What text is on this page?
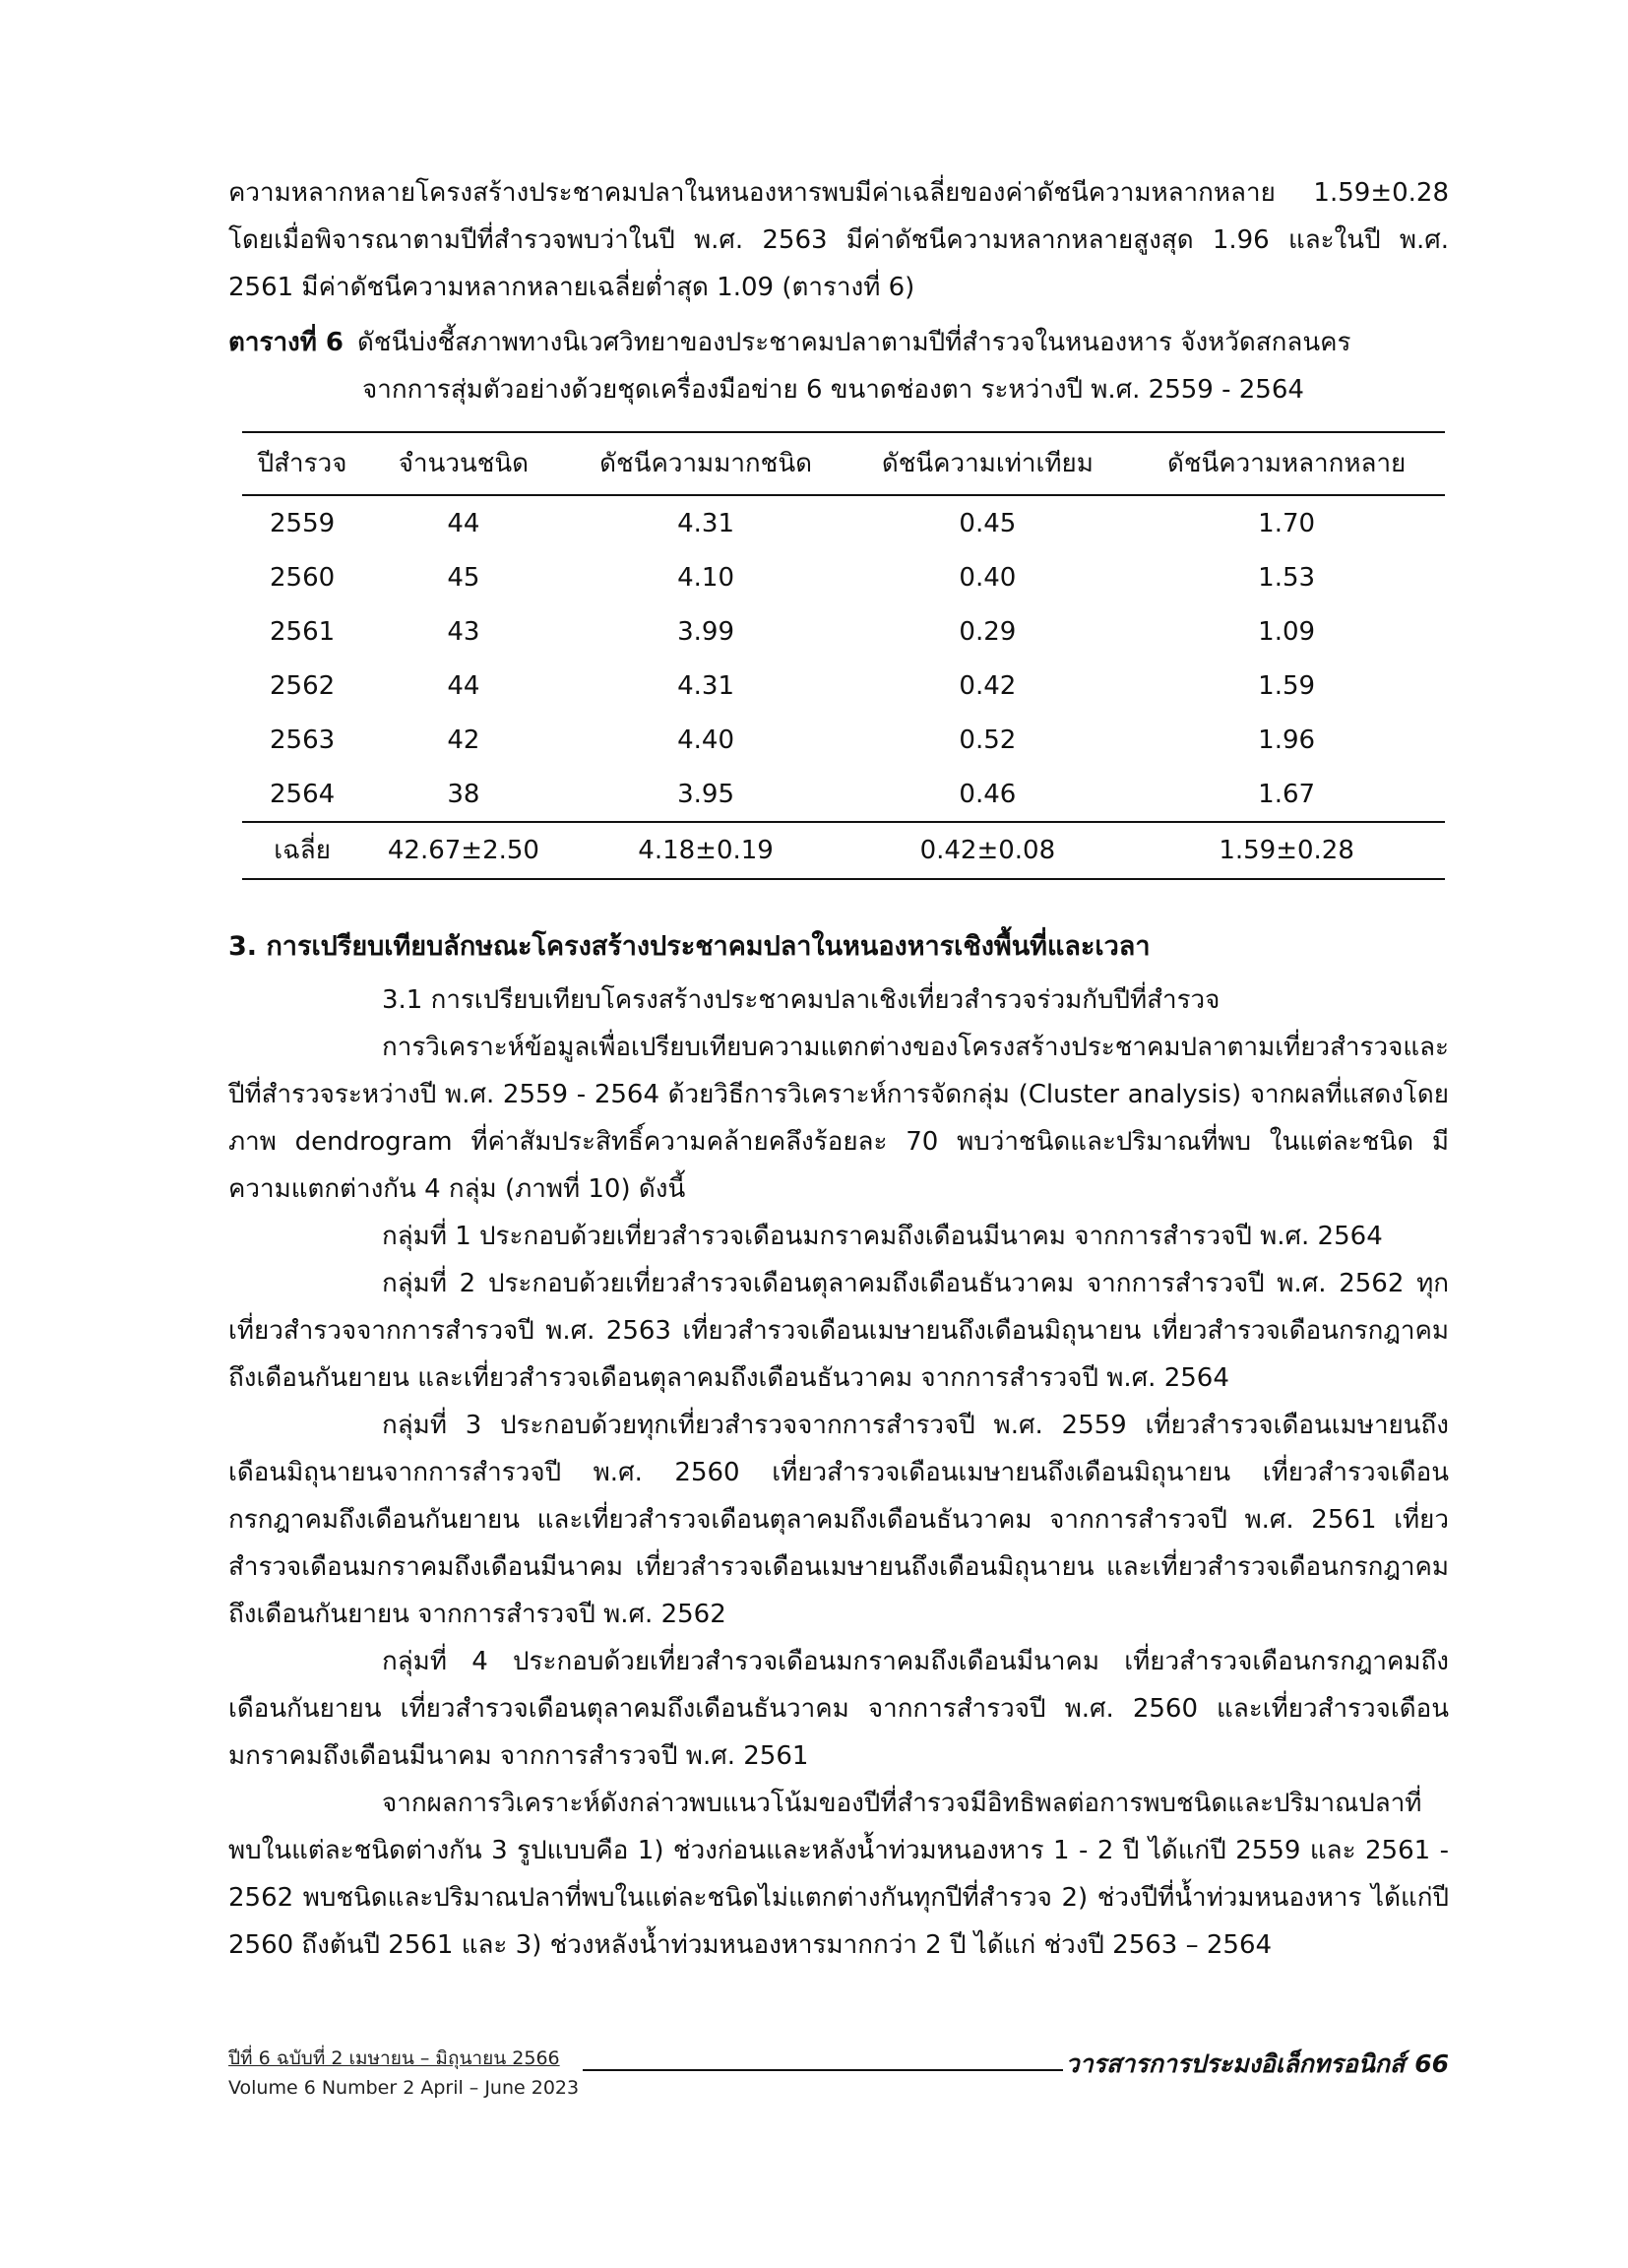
ความหลากหลายโครงสร้างประชาคมปลาในหนองหารพบมีค่าเฉลี่ยของค่าดัชนีความหลากหลาย 1.59±0.28 โดยเมื่อพิจารณาตามปีที่สำรวจพบว่าในปี พ.ศ. 2563 มีค่าดัชนีความหลากหลายสูงสุด 1.96 และในปี พ.ศ. 2561 มีค่าดัชนีความหลากหลายเฉลี่ยต่ำสุด 1.09 (ตารางที่ 6)

ตารางที่ 6 ดัชนีบ่งชี้สภาพทางนิเวศวิทยาของประชาคมปลาตามปีที่สำรวจในหนองหาร จังหวัดสกลนคร
จากการสุ่มตัวอย่างด้วยชุดเครื่องมือข่าย 6 ขนาดช่องตา ระหว่างปี พ.ศ. 2559 - 2564
ปีสำรวจ	จำนวนชนิด	ดัชนีความมากชนิด	ดัชนีความเท่าเทียม	ดัชนีความหลากหลาย
2559	44	4.31	0.45	1.70
2560	45	4.10	0.40	1.53
2561	43	3.99	0.29	1.09
2562	44	4.31	0.42	1.59
2563	42	4.40	0.52	1.96
2564	38	3.95	0.46	1.67
เฉลี่ย	42.67±2.50	4.18±0.19	0.42±0.08	1.59±0.28
3. การเปรียบเทียบลักษณะโครงสร้างประชาคมปลาในหนองหารเชิงพื้นที่และเวลา

3.1 การเปรียบเทียบโครงสร้างประชาคมปลาเชิงเที่ยวสำรวจร่วมกับปีที่สำรวจ

การวิเคราะห์ข้อมูลเพื่อเปรียบเทียบความแตกต่างของโครงสร้างประชาคมปลาตามเที่ยวสำรวจและปีที่สำรวจระหว่างปี พ.ศ. 2559 - 2564 ด้วยวิธีการวิเคราะห์การจัดกลุ่ม (Cluster analysis) จากผลที่แสดงโดยภาพ dendrogram ที่ค่าสัมประสิทธิ์ความคล้ายคลึงร้อยละ 70 พบว่าชนิดและปริมาณที่พบ ในแต่ละชนิด มีความแตกต่างกัน 4 กลุ่ม (ภาพที่ 10) ดังนี้

กลุ่มที่ 1 ประกอบด้วยเที่ยวสำรวจเดือนมกราคมถึงเดือนมีนาคม จากการสำรวจปี พ.ศ. 2564

กลุ่มที่ 2 ประกอบด้วยเที่ยวสำรวจเดือนตุลาคมถึงเดือนธันวาคม จากการสำรวจปี พ.ศ. 2562 ทุกเที่ยวสำรวจจากการสำรวจปี พ.ศ. 2563 เที่ยวสำรวจเดือนเมษายนถึงเดือนมิถุนายน เที่ยวสำรวจเดือนกรกฎาคมถึงเดือนกันยายน และเที่ยวสำรวจเดือนตุลาคมถึงเดือนธันวาคม จากการสำรวจปี พ.ศ. 2564

กลุ่มที่ 3 ประกอบด้วยทุกเที่ยวสำรวจจากการสำรวจปี พ.ศ. 2559 เที่ยวสำรวจเดือนเมษายนถึงเดือนมิถุนายนจากการสำรวจปี พ.ศ. 2560 เที่ยวสำรวจเดือนเมษายนถึงเดือนมิถุนายน เที่ยวสำรวจเดือนกรกฎาคมถึงเดือนกันยายน และเที่ยวสำรวจเดือนตุลาคมถึงเดือนธันวาคม จากการสำรวจปี พ.ศ. 2561 เที่ยวสำรวจเดือนมกราคมถึงเดือนมีนาคม เที่ยวสำรวจเดือนเมษายนถึงเดือนมิถุนายน และเที่ยวสำรวจเดือนกรกฎาคมถึงเดือนกันยายน จากการสำรวจปี พ.ศ. 2562

กลุ่มที่ 4 ประกอบด้วยเที่ยวสำรวจเดือนมกราคมถึงเดือนมีนาคม เที่ยวสำรวจเดือนกรกฎาคมถึงเดือนกันยายน เที่ยวสำรวจเดือนตุลาคมถึงเดือนธันวาคม จากการสำรวจปี พ.ศ. 2560 และเที่ยวสำรวจเดือนมกราคมถึงเดือนมีนาคม จากการสำรวจปี พ.ศ. 2561

จากผลการวิเคราะห์ดังกล่าวพบแนวโน้มของปีที่สำรวจมีอิทธิพลต่อการพบชนิดและปริมาณปลาที่พบในแต่ละชนิดต่างกัน 3 รูปแบบคือ 1) ช่วงก่อนและหลังน้ำท่วมหนองหาร 1 - 2 ปี ได้แก่ปี 2559 และ 2561 - 2562 พบชนิดและปริมาณปลาที่พบในแต่ละชนิดไม่แตกต่างกันทุกปีที่สำรวจ 2) ช่วงปีที่น้ำท่วมหนองหาร ได้แก่ปี 2560 ถึงต้นปี 2561 และ 3) ช่วงหลังน้ำท่วมหนองหารมากกว่า 2 ปี ได้แก่ ช่วงปี 2563 – 2564

ปีที่ 6 ฉบับที่ 2 เมษายน – มิถุนายน 2566
Volume 6 Number 2 April – June 2023
วารสารการประมงอิเล็กทรอนิกส์ 66
